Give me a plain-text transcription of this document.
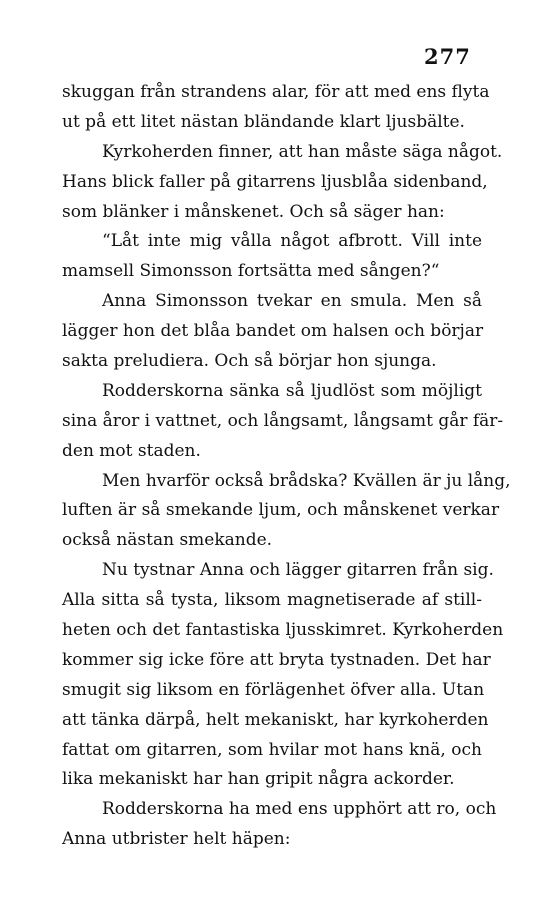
277

skuggan från strandens alar, för att med ens flyta
ut på ett litet nästan bländande klart ljusbälte.

Kyrkoherden finner, att han måste säga något.
Hans blick faller på gitarrens ljusblåa sidenband,
som blänker i månskenet. Och så säger han:

“Låt inte mig vålla något afbrott. Vill inte
mamsell Simonsson fortsätta med sången?“

Anna Simonsson tvekar en smula. Men så
lägger hon det blåa bandet om halsen och börjar
sakta preludiera. Och så börjar hon sjunga.

Rodderskorna sänka så ljudlöst som möjligt
sina åror i vattnet, och långsamt, långsamt går fär-
den mot staden.

Men hvarför också brådska? Kvällen är ju lång,
luften är så smekande ljum, och månskenet verkar
också nästan smekande.

Nu tystnar Anna och lägger gitarren från sig.
Alla sitta så tysta, liksom magnetiserade af still-
heten och det fantastiska ljusskimret. Kyrkoherden
kommer sig icke före att bryta tystnaden. Det har
smugit sig liksom en förlägenhet öfver alla. Utan
att tänka därpå, helt mekaniskt, har kyrkoherden
fattat om gitarren, som hvilar mot hans knä, och
lika mekaniskt har han gripit några ackorder.

Rodderskorna ha med ens upphört att ro, och
Anna utbrister helt häpen:
